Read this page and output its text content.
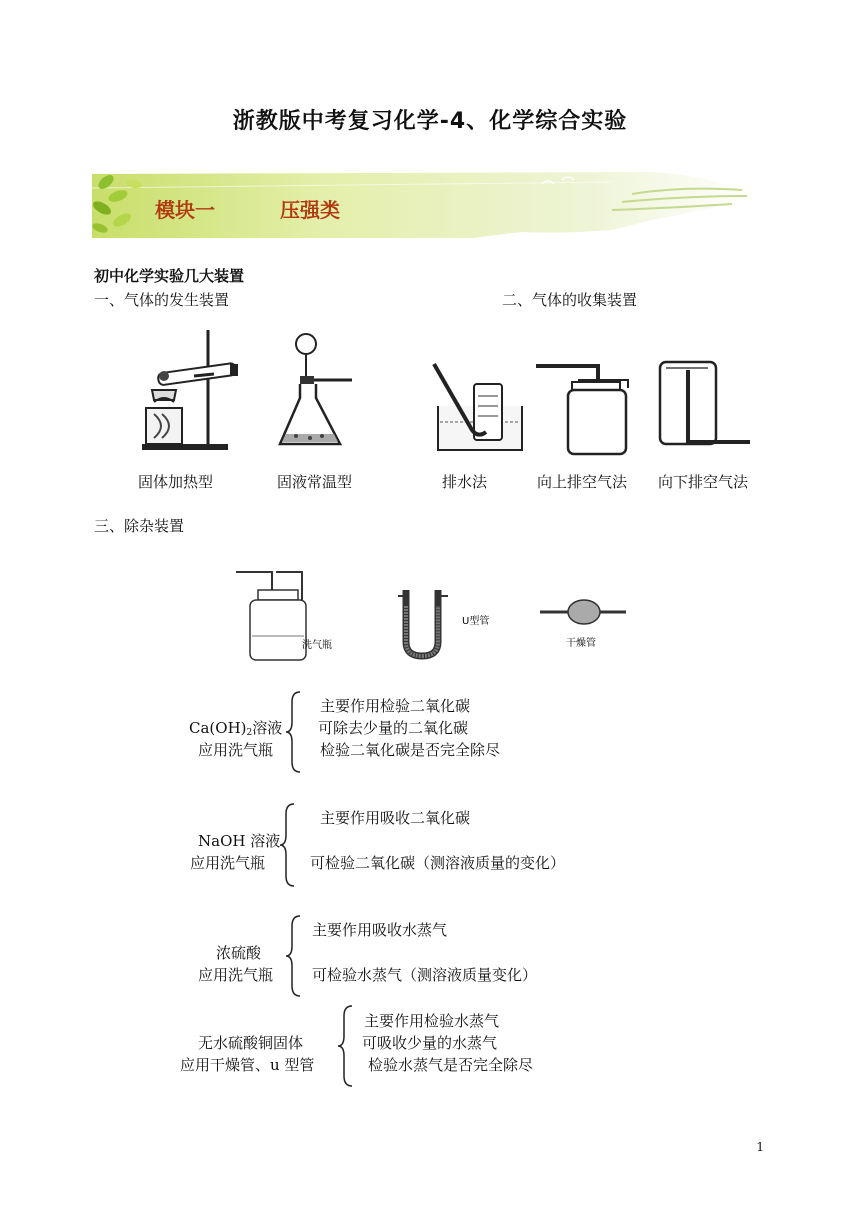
浙教版中考复习化学-4、化学综合实验
模块一	压强类
初中化学实验几大装置
一、气体的发生装置	二、气体的收集装置
固体加热型	固液常温型	排水法	向上排空气法 向下排空气法
三、除杂装置
洗气瓶
U型管
干燥管
$Ca(OH)_2$溶液
应用洗气瓶
主要作用检验二氧化碳
可除去少量的二氧化碳
检验二氧化碳是否完全除尽
NaOH 溶液
应用洗气瓶
主要作用吸收二氧化碳
可检验二氧化碳（测溶液质量的变化）
浓硫酸
应用洗气瓶
主要作用吸收水蒸气
可检验水蒸气（测溶液质量变化）
无水硫酸铜固体
应用干燥管、u 型管
主要作用检验水蒸气
可吸收少量的水蒸气
检验水蒸气是否完全除尽
1
